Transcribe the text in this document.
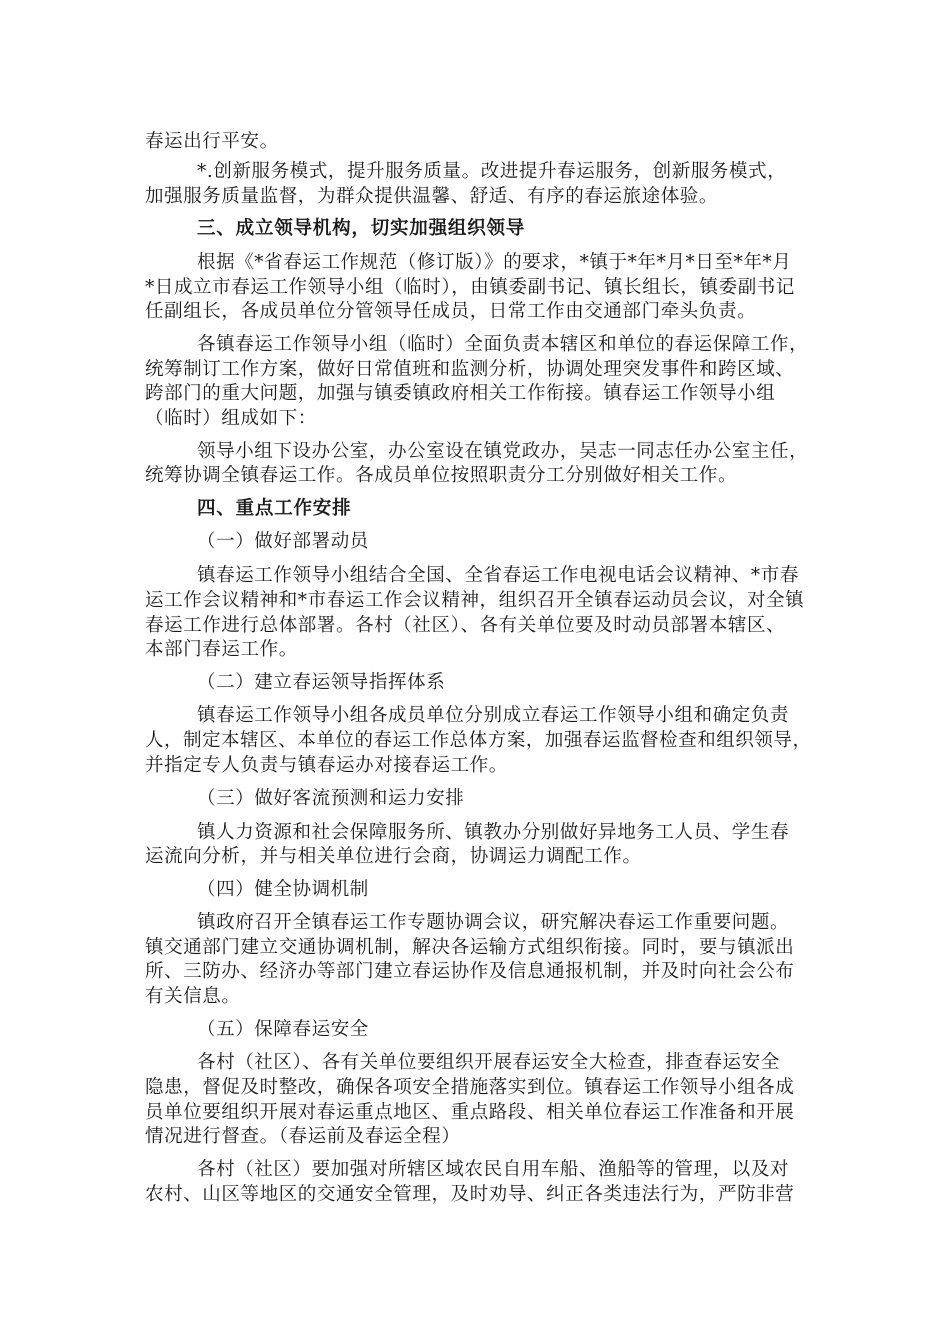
春运出行平安。
*.创新服务模式，提升服务质量。改进提升春运服务，创新服务模式，
加强服务质量监督，为群众提供温馨、舒适、有序的春运旅途体验。
三、成立领导机构，切实加强组织领导
根据《*省春运工作规范（修订版）》的要求，*镇于*年*月*日至*年*月
*日成立市春运工作领导小组（临时），由镇委副书记、镇长组长，镇委副书记
任副组长，各成员单位分管领导任成员，日常工作由交通部门牵头负责。
各镇春运工作领导小组（临时）全面负责本辖区和单位的春运保障工作，
统筹制订工作方案，做好日常值班和监测分析，协调处理突发事件和跨区域、
跨部门的重大问题，加强与镇委镇政府相关工作衔接。镇春运工作领导小组
（临时）组成如下：
领导小组下设办公室，办公室设在镇党政办，吴志一同志任办公室主任，
统筹协调全镇春运工作。各成员单位按照职责分工分别做好相关工作。
四、重点工作安排
（一）做好部署动员
镇春运工作领导小组结合全国、全省春运工作电视电话会议精神、*市春
运工作会议精神和*市春运工作会议精神，组织召开全镇春运动员会议，对全镇
春运工作进行总体部署。各村（社区）、各有关单位要及时动员部署本辖区、
本部门春运工作。
（二）建立春运领导指挥体系
镇春运工作领导小组各成员单位分别成立春运工作领导小组和确定负责
人，制定本辖区、本单位的春运工作总体方案，加强春运监督检查和组织领导，
并指定专人负责与镇春运办对接春运工作。
（三）做好客流预测和运力安排
镇人力资源和社会保障服务所、镇教办分别做好异地务工人员、学生春
运流向分析，并与相关单位进行会商，协调运力调配工作。
（四）健全协调机制
镇政府召开全镇春运工作专题协调会议，研究解决春运工作重要问题。
镇交通部门建立交通协调机制，解决各运输方式组织衔接。同时，要与镇派出
所、三防办、经济办等部门建立春运协作及信息通报机制，并及时向社会公布
有关信息。
（五）保障春运安全
各村（社区）、各有关单位要组织开展春运安全大检查，排查春运安全
隐患，督促及时整改，确保各项安全措施落实到位。镇春运工作领导小组各成
员单位要组织开展对春运重点地区、重点路段、相关单位春运工作准备和开展
情况进行督查。（春运前及春运全程）
各村（社区）要加强对所辖区域农民自用车船、渔船等的管理，以及对
农村、山区等地区的交通安全管理，及时劝导、纠正各类违法行为，严防非营
